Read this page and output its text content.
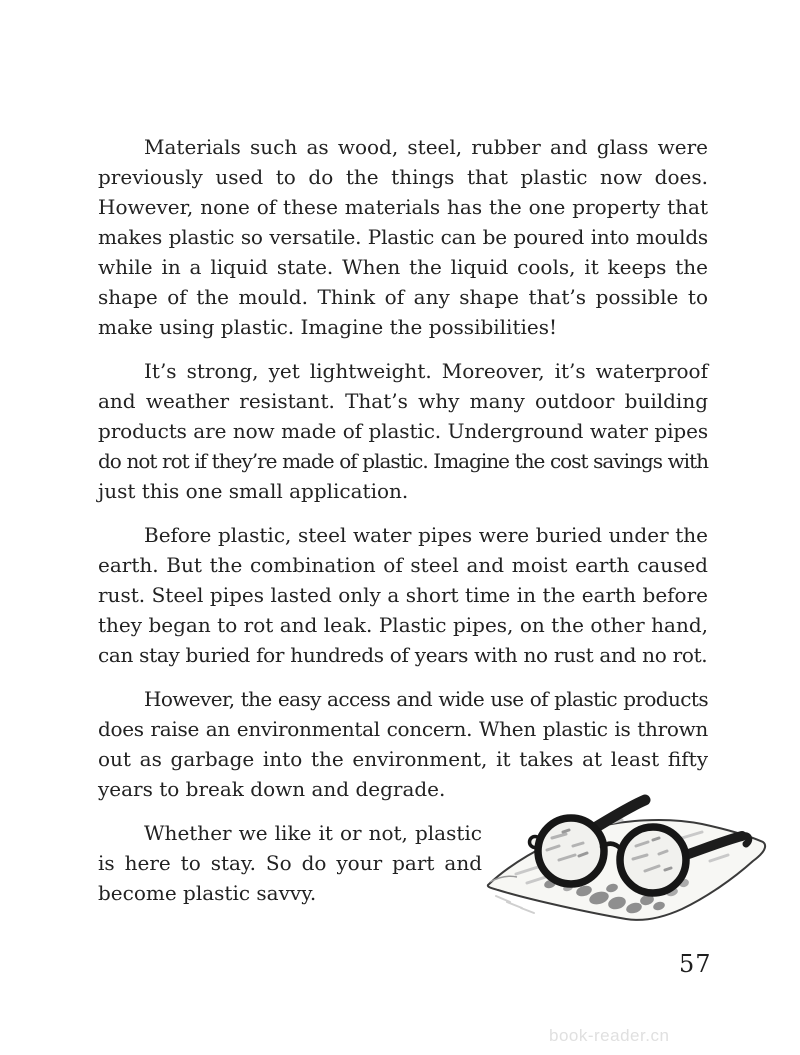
Materials such as wood, steel, rubber and glass were
previously used to do the things that plastic now does.
However, none of these materials has the one property that
makes plastic so versatile. Plastic can be poured into moulds
while in a liquid state. When the liquid cools, it keeps the
shape of the mould. Think of any shape that’s possible to
make using plastic. Imagine the possibilities!
It’s strong, yet lightweight. Moreover, it’s waterproof
and weather resistant. That’s why many outdoor building
products are now made of plastic. Underground water pipes
do not rot if they’re made of plastic. Imagine the cost savings with
just this one small application.
Before plastic, steel water pipes were buried under the
earth. But the combination of steel and moist earth caused
rust. Steel pipes lasted only a short time in the earth before
they began to rot and leak. Plastic pipes, on the other hand,
can stay buried for hundreds of years with no rust and no rot.
However, the easy access and wide use of plastic products
does raise an environmental concern. When plastic is thrown
out as garbage into the environment, it takes at least fifty
years to break down and degrade.
Whether we like it or not, plastic
is here to stay. So do your part and
become plastic savvy.
57
book-reader.cn
